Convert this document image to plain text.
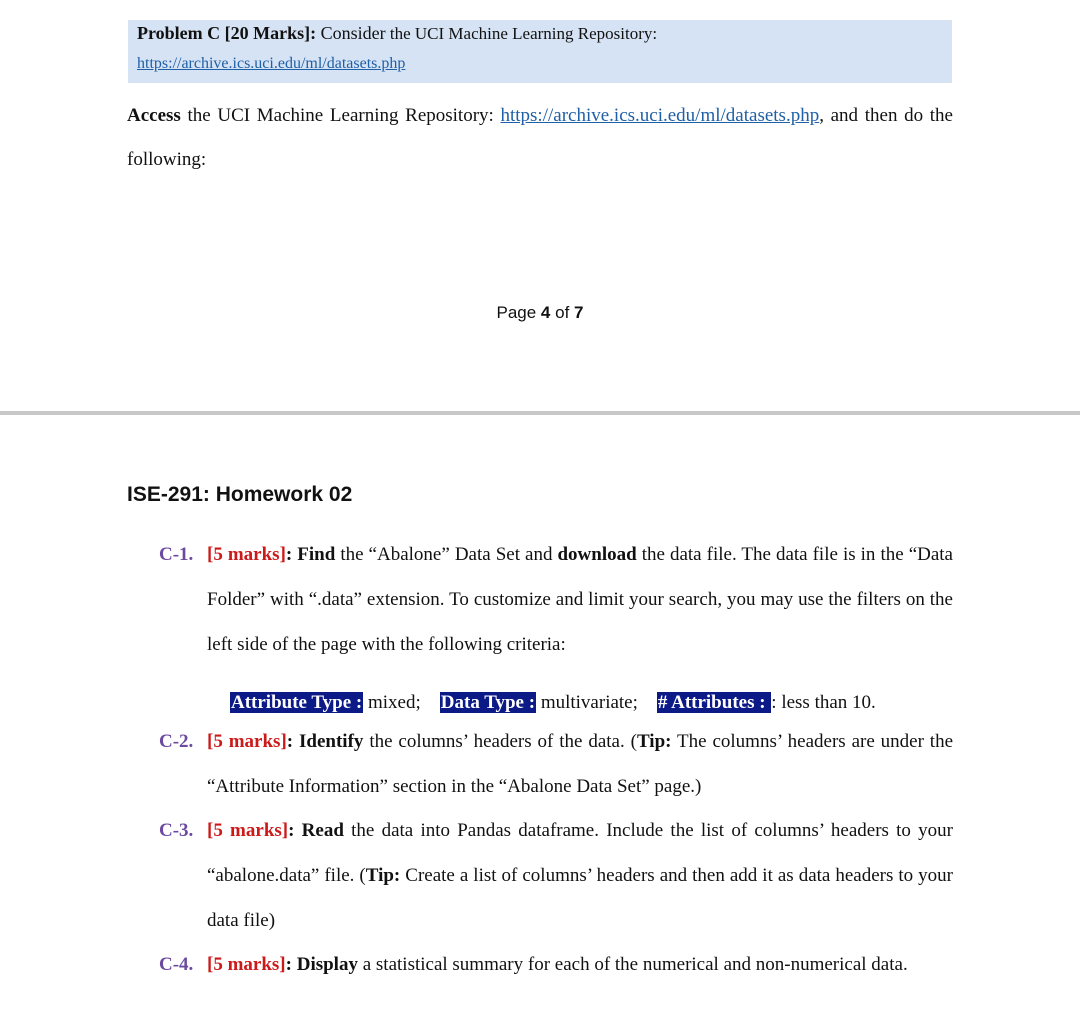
Problem C [20 Marks]: Consider the UCI Machine Learning Repository:
https://archive.ics.uci.edu/ml/datasets.php
Access the UCI Machine Learning Repository: https://archive.ics.uci.edu/ml/datasets.php, and then do the following:
Page 4 of 7
ISE-291: Homework 02
C-1. [5 marks]: Find the “Abalone” Data Set and download the data file. The data file is in the “Data Folder” with “.data” extension. To customize and limit your search, you may use the filters on the left side of the page with the following criteria:
Attribute Type : mixed; Data Type : multivariate; # Attributes : : less than 10.
C-2. [5 marks]: Identify the columns’ headers of the data. (Tip: The columns’ headers are under the “Attribute Information” section in the “Abalone Data Set” page.)
C-3. [5 marks]: Read the data into Pandas dataframe. Include the list of columns’ headers to your “abalone.data” file. (Tip: Create a list of columns’ headers and then add it as data headers to your data file)
C-4. [5 marks]: Display a statistical summary for each of the numerical and non-numerical data.
